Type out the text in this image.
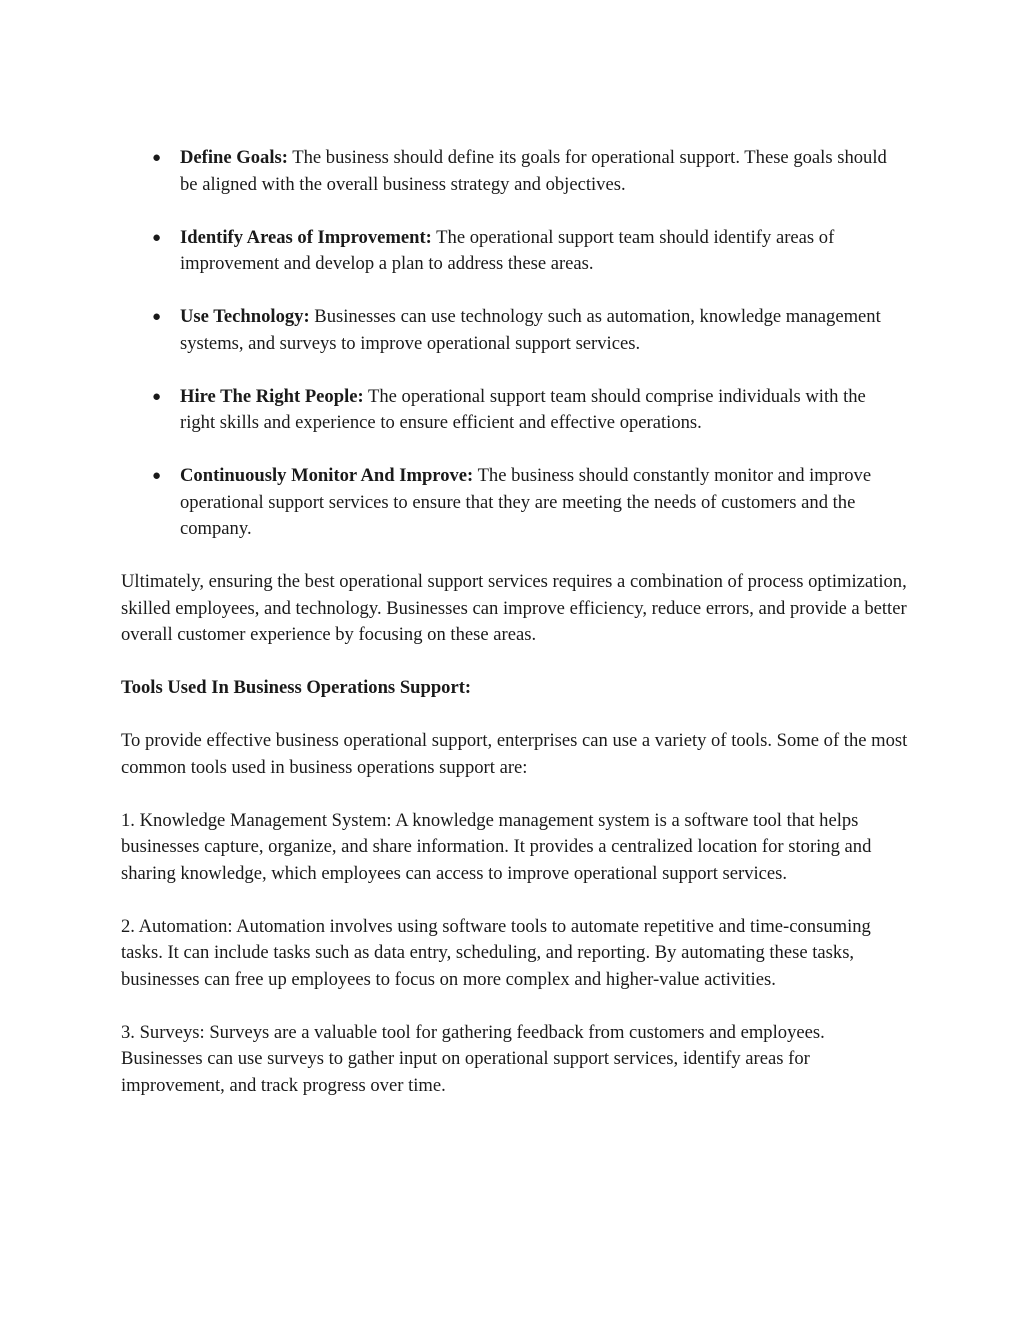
● Define Goals: The business should define its goals for operational support. These goals should be aligned with the overall business strategy and objectives.
● Identify Areas of Improvement: The operational support team should identify areas of improvement and develop a plan to address these areas.
● Use Technology: Businesses can use technology such as automation, knowledge management systems, and surveys to improve operational support services.
● Hire The Right People: The operational support team should comprise individuals with the right skills and experience to ensure efficient and effective operations.
● Continuously Monitor And Improve: The business should constantly monitor and improve operational support services to ensure that they are meeting the needs of customers and the company.

Ultimately, ensuring the best operational support services requires a combination of process optimization, skilled employees, and technology. Businesses can improve efficiency, reduce errors, and provide a better overall customer experience by focusing on these areas.

Tools Used In Business Operations Support:

To provide effective business operational support, enterprises can use a variety of tools. Some of the most common tools used in business operations support are:

1. Knowledge Management System: A knowledge management system is a software tool that helps businesses capture, organize, and share information. It provides a centralized location for storing and sharing knowledge, which employees can access to improve operational support services.

2. Automation: Automation involves using software tools to automate repetitive and time-consuming tasks. It can include tasks such as data entry, scheduling, and reporting. By automating these tasks, businesses can free up employees to focus on more complex and higher-value activities.

3. Surveys: Surveys are a valuable tool for gathering feedback from customers and employees. Businesses can use surveys to gather input on operational support services, identify areas for improvement, and track progress over time.
